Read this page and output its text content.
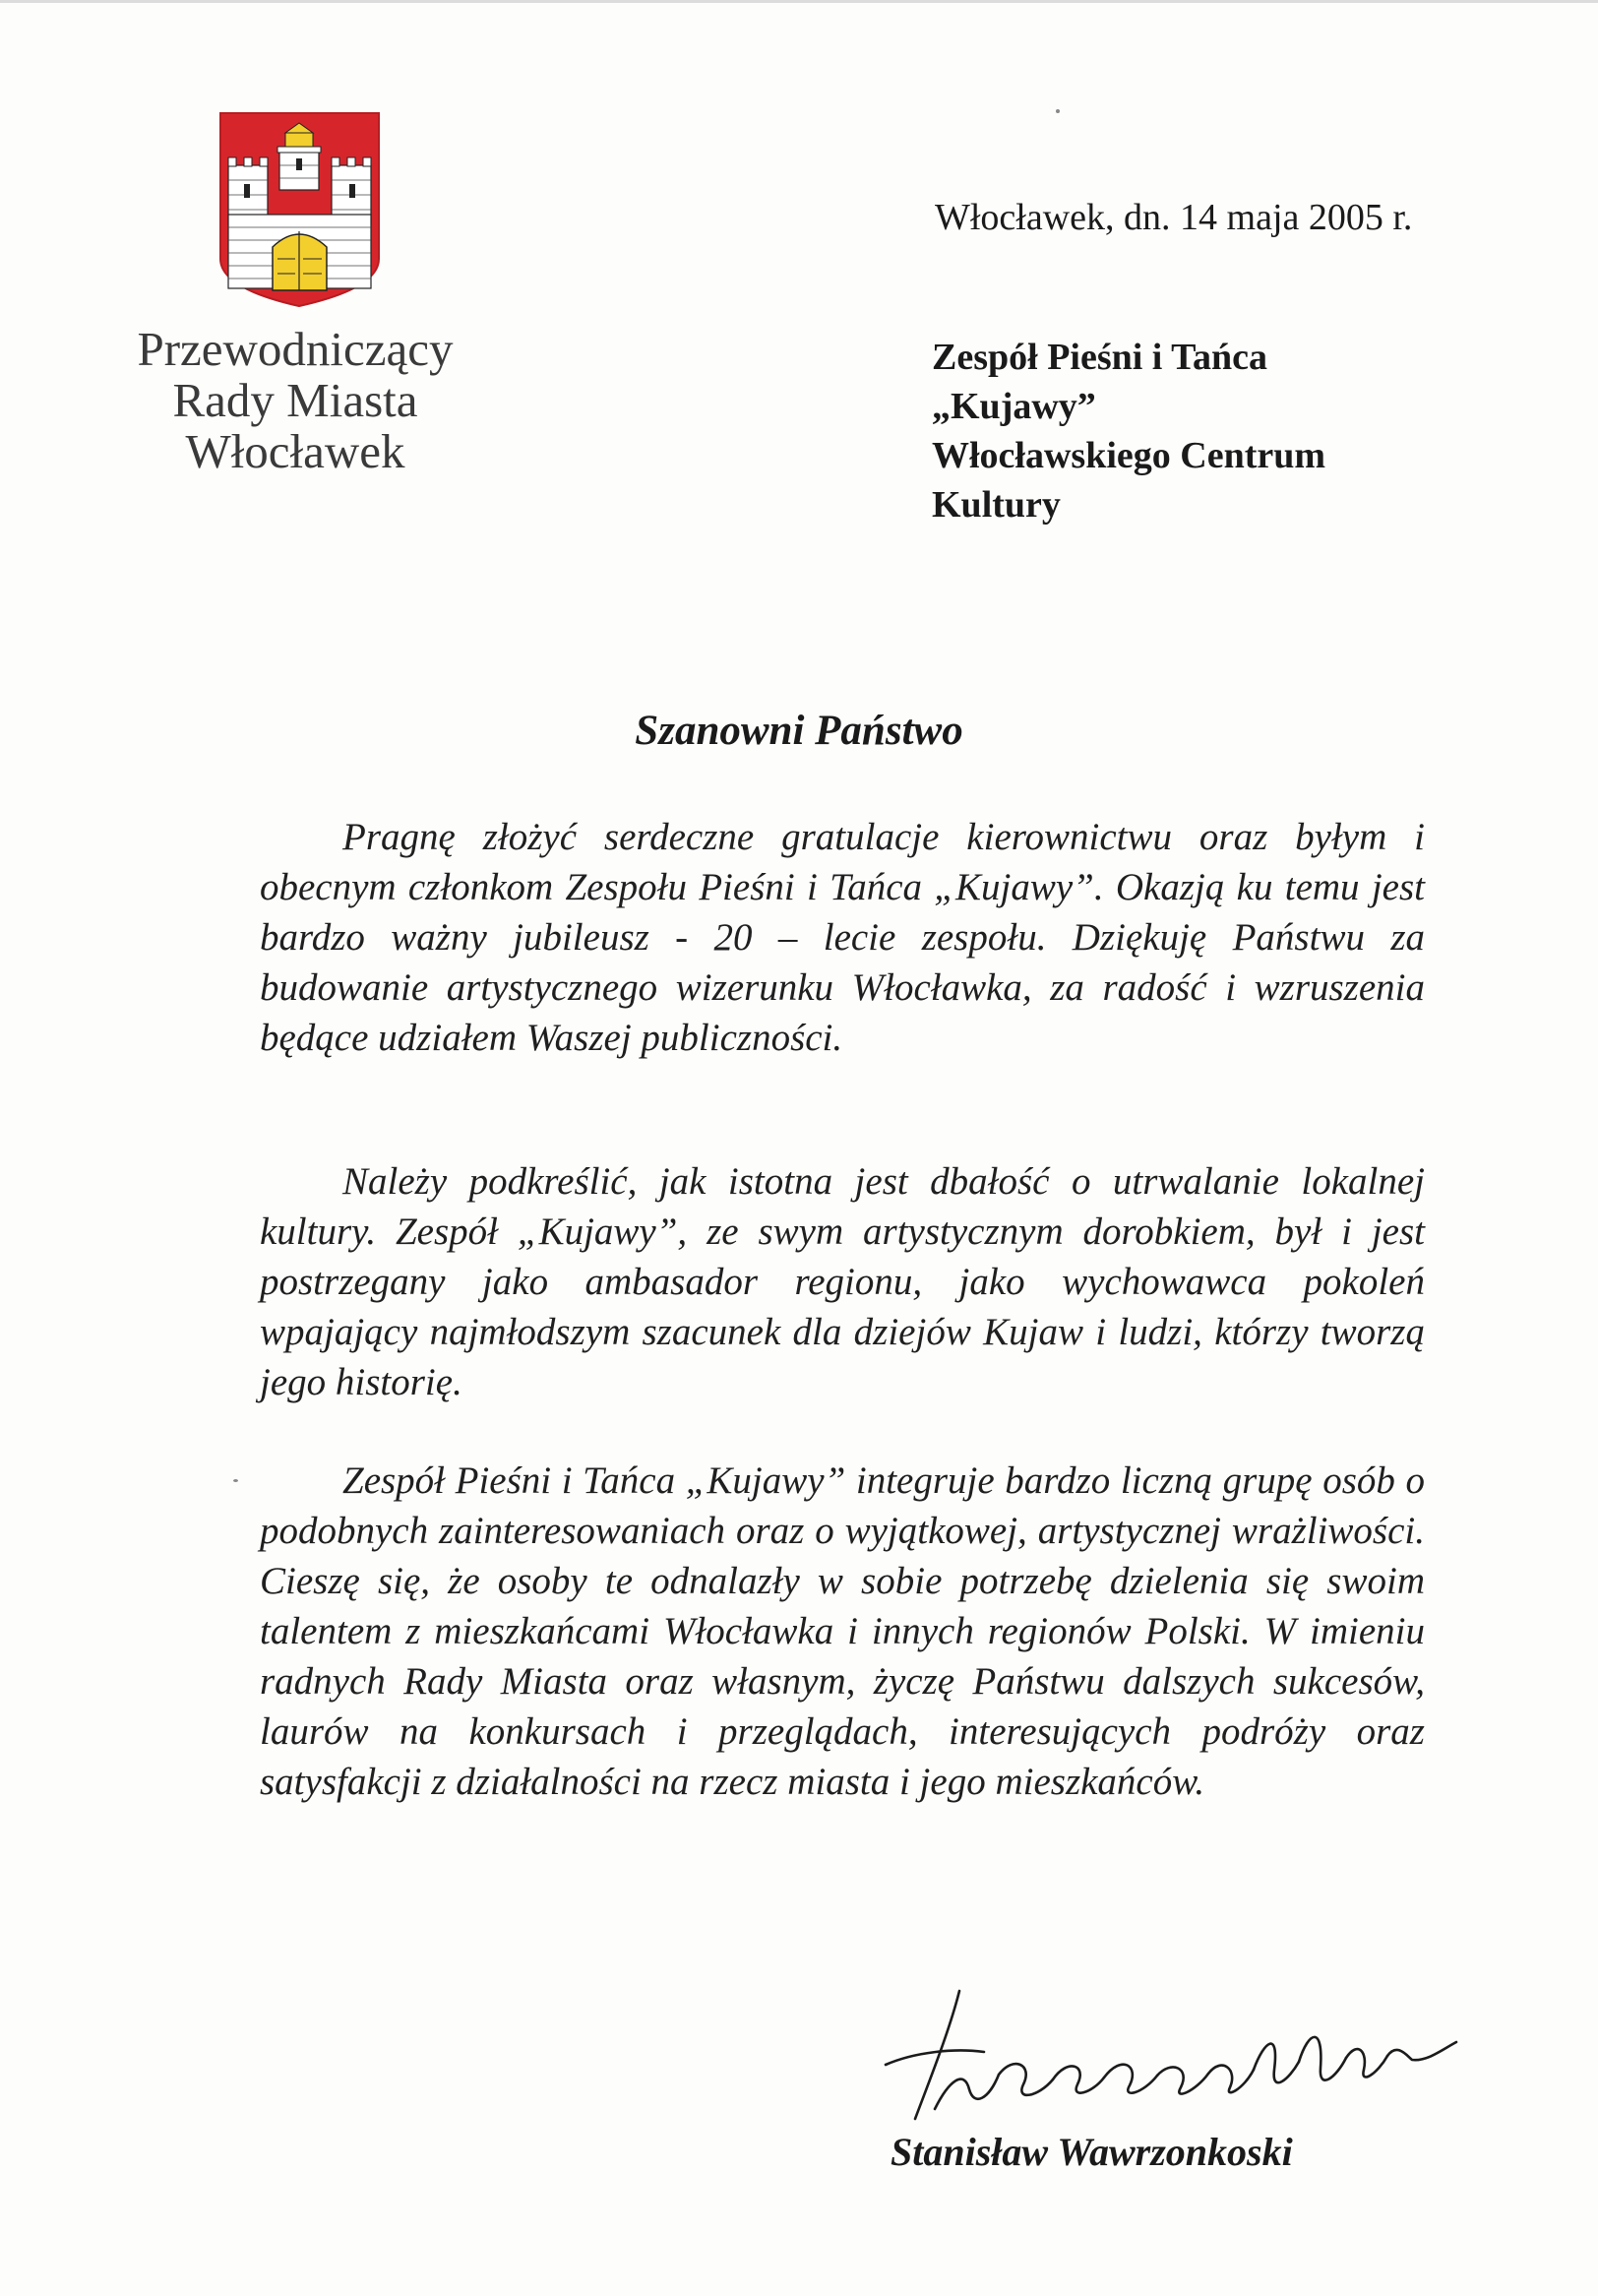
Przewodniczący
Rady Miasta
Włocławek
Włocławek, dn. 14 maja 2005 r.
Zespół Pieśni i Tańca
„Kujawy”
Włocławskiego Centrum
Kultury
Szanowni Państwo

Pragnę złożyć serdeczne gratulacje kierownictwu oraz byłym i obecnym członkom Zespołu Pieśni i Tańca „Kujawy”. Okazją ku temu jest bardzo ważny jubileusz - 20 – lecie zespołu. Dziękuję Państwu za budowanie artystycznego wizerunku Włocławka, za radość i wzruszenia będące udziałem Waszej publiczności.

Należy podkreślić, jak istotna jest dbałość o utrwalanie lokalnej kultury. Zespół „Kujawy”, ze swym artystycznym dorobkiem, był i jest postrzegany jako ambasador regionu, jako wychowawca pokoleń wpajający najmłodszym szacunek dla dziejów Kujaw i ludzi, którzy tworzą jego historię.

Zespół Pieśni i Tańca „Kujawy” integruje bardzo liczną grupę osób o podobnych zainteresowaniach oraz o wyjątkowej, artystycznej wrażliwości. Cieszę się, że osoby te odnalazły w sobie potrzebę dzielenia się swoim talentem z mieszkańcami Włocławka i innych regionów Polski. W imieniu radnych Rady Miasta oraz własnym, życzę Państwu dalszych sukcesów, laurów na konkursach i przeglądach, interesujących podróży oraz satysfakcji z działalności na rzecz miasta i jego mieszkańców.

Stanisław Wawrzonkoski
